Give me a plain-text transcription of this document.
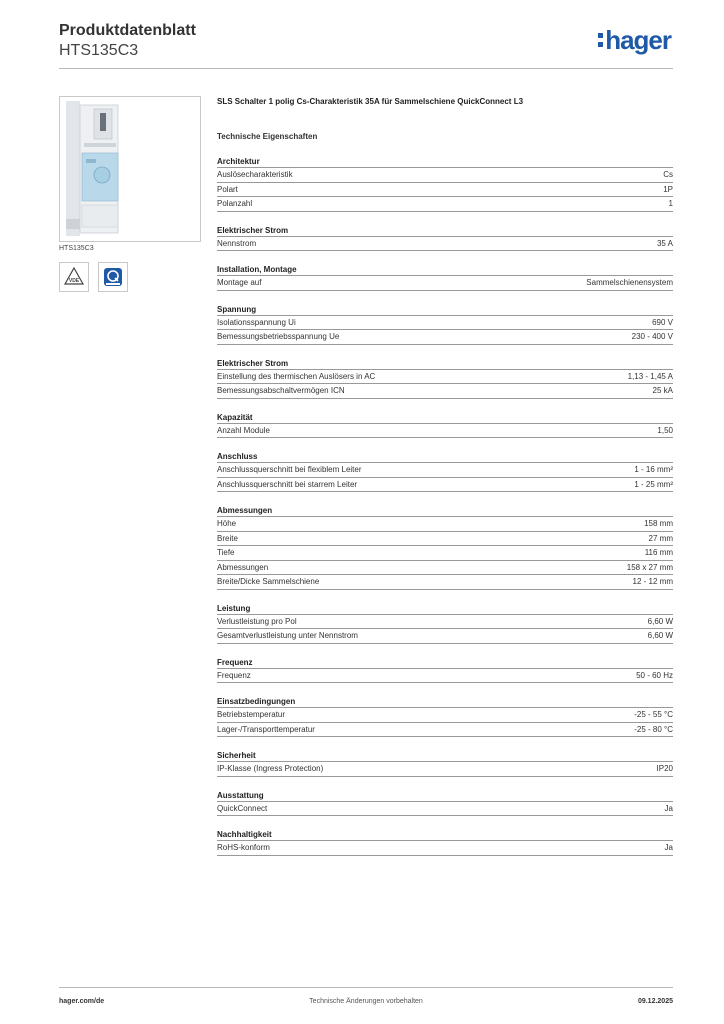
Produktdatenblatt
HTS135C3	hager
HTS135C3
VDE
SLS Schalter 1 polig Cs-Charakteristik 35A für Sammelschiene QuickConnect L3
Technische Eigenschaften
Architektur
Auslösecharakteristik	Cs
Polart	1P
Polanzahl	1
Elektrischer Strom
Nennstrom	35 A
Installation, Montage
Montage auf	Sammelschienensystem
Spannung
Isolationsspannung Ui	690 V
Bemessungsbetriebsspannung Ue	230 - 400 V
Elektrischer Strom
Einstellung des thermischen Auslösers in AC	1,13 - 1,45 A
Bemessungsabschaltvermögen ICN	25 kA
Kapazität
Anzahl Module	1,50
Anschluss
Anschlussquerschnitt bei flexiblem Leiter	1 - 16 mm²
Anschlussquerschnitt bei starrem Leiter	1 - 25 mm²
Abmessungen
Höhe	158 mm
Breite	27 mm
Tiefe	116 mm
Abmessungen	158 x 27 mm
Breite/Dicke Sammelschiene	12 - 12 mm
Leistung
Verlustleistung pro Pol	6,60 W
Gesamtverlustleistung unter Nennstrom	6,60 W
Frequenz
Frequenz	50 - 60 Hz
Einsatzbedingungen
Betriebstemperatur	-25 - 55 °C
Lager-/Transporttemperatur	-25 - 80 °C
Sicherheit
IP-Klasse (Ingress Protection)	IP20
Ausstattung
QuickConnect	Ja
Nachhaltigkeit
RoHS-konform	Ja
hager.com/de	Technische Änderungen vorbehalten	09.12.2025
